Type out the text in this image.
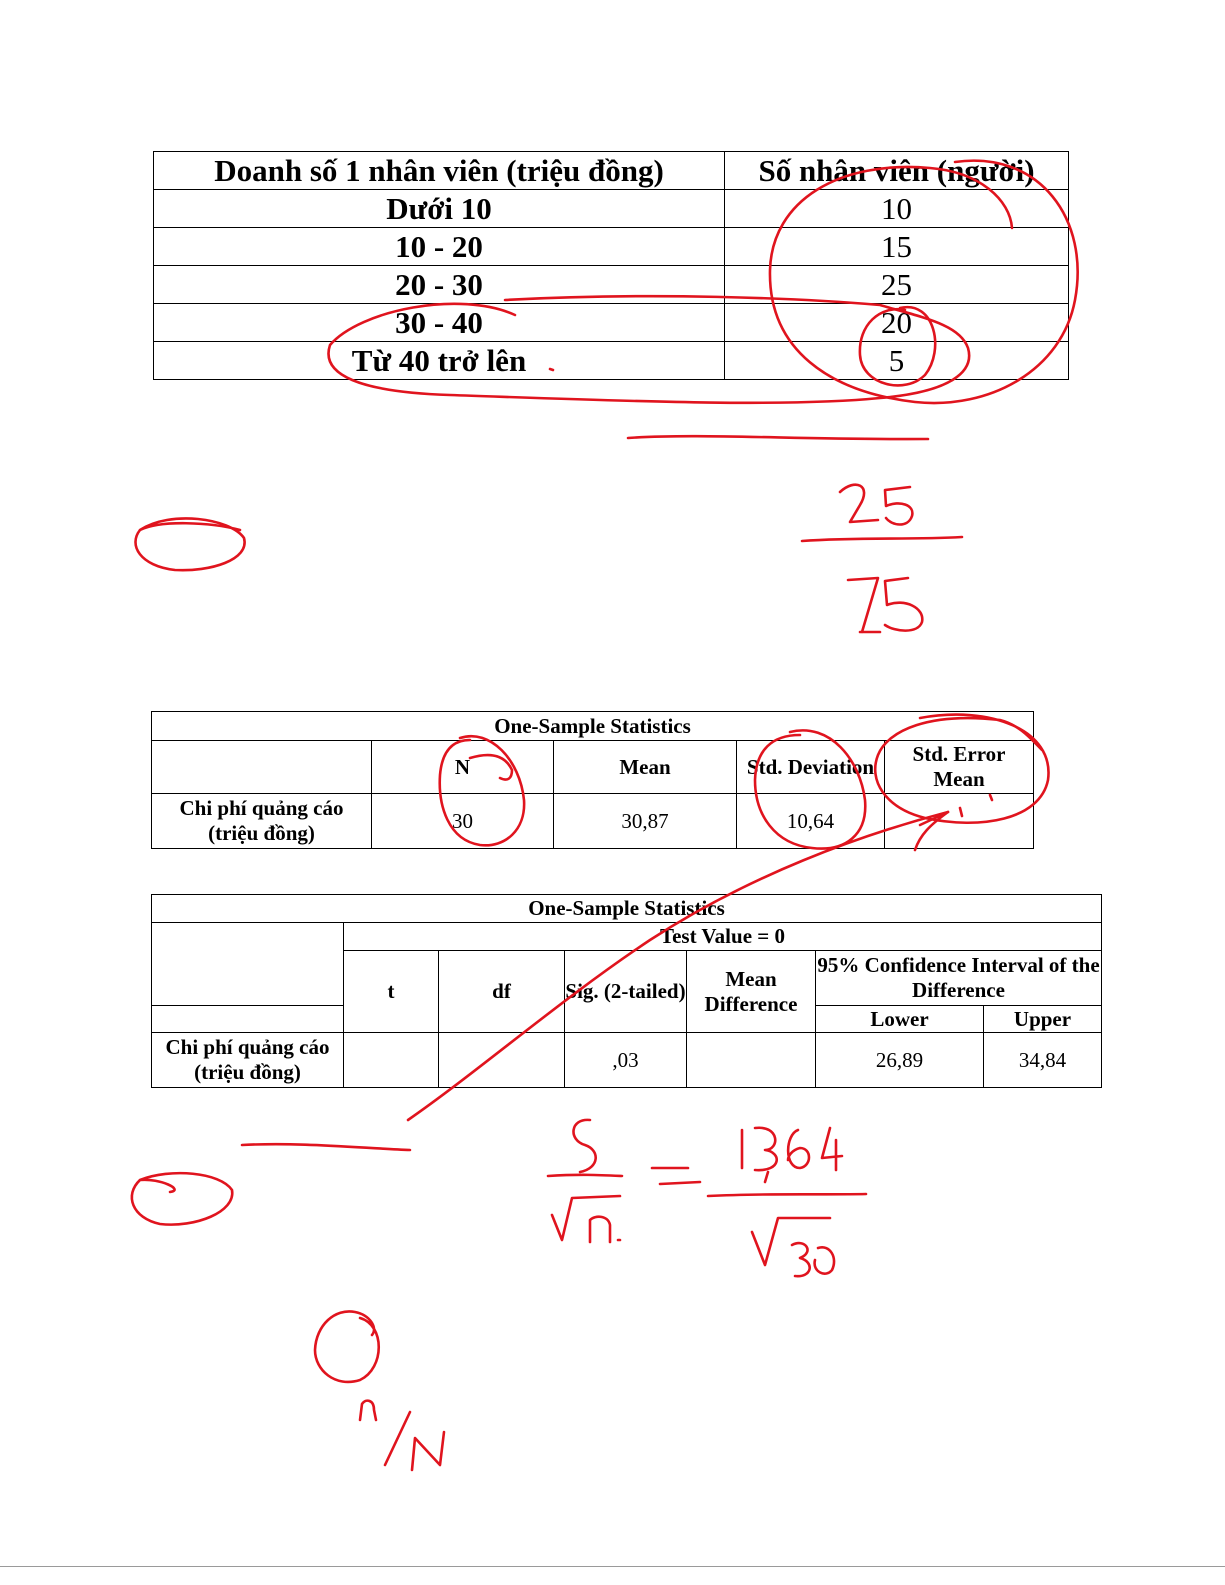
Doanh số 1 nhân viên (triệu đồng)	Số nhân viên (người)
Dưới 10	10
10 - 20	15
20 - 30	25
30 - 40	20
Từ 40 trở lên	5
One-Sample Statistics				
	N	Mean	Std. Deviation	Std. Error Mean
Chi phí quảng cáo (triệu đồng)	30	30,87	10,64	
One-Sample Statistics						
	Test Value = 0					
	t	df	Sig. (2-tailed)	Mean Difference	95% Confidence Interval of the Difference	
					Lower	Upper
Chi phí quảng cáo (triệu đồng)			,03		26,89	34,84
